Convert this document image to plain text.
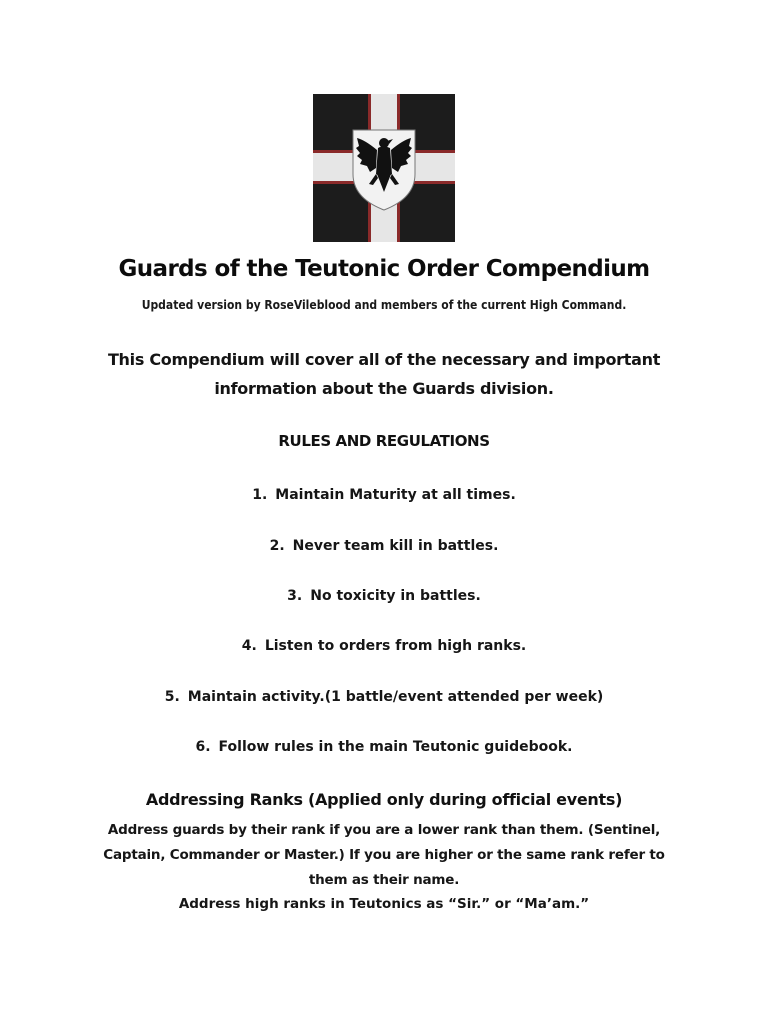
Guards of the Teutonic Order Compendium

Updated version by RoseVileblood and members of the current High Command.

This Compendium will cover all of the necessary and important information about the Guards division.

RULES AND REGULATIONS
1. Maintain Maturity at all times.
2. Never team kill in battles.
3. No toxicity in battles.
4. Listen to orders from high ranks.
5. Maintain activity.(1 battle/event attended per week)
6. Follow rules in the main Teutonic guidebook.
Addressing Ranks (Applied only during official events)

Address guards by their rank if you are a lower rank than them. (Sentinel, Captain, Commander or Master.) If you are higher or the same rank refer to them as their name.

Address high ranks in Teutonics as “Sir.” or “Ma’am.”
